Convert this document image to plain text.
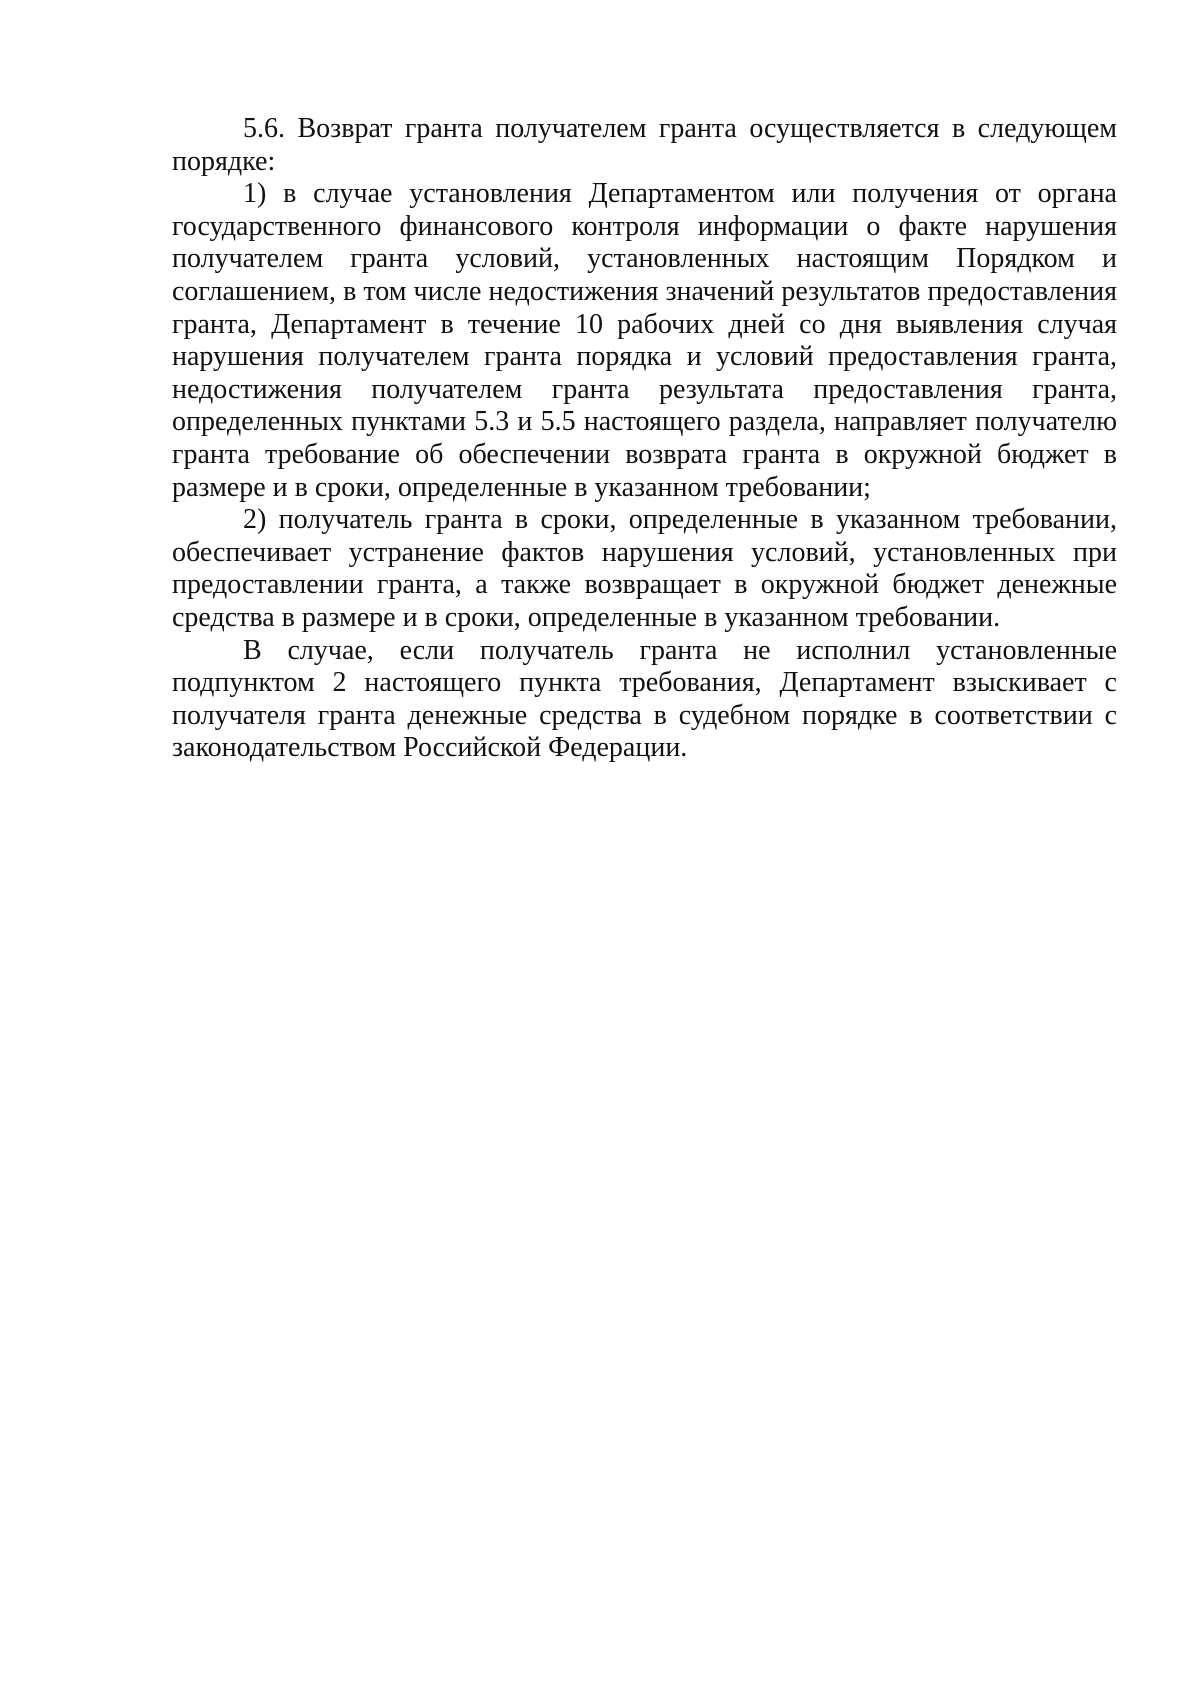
5.6. Возврат гранта получателем гранта осуществляется в следующем порядке:

1) в случае установления Департаментом или получения от органа государственного финансового контроля информации о факте нарушения получателем гранта условий, установленных настоящим Порядком и соглашением, в том числе недостижения значений результатов предоставления гранта, Департамент в течение 10 рабочих дней со дня выявления случая нарушения получателем гранта порядка и условий предоставления гранта, недостижения получателем гранта результата предоставления гранта, определенных пунктами 5.3 и 5.5 настоящего раздела, направляет получателю гранта требование об обеспечении возврата гранта в окружной бюджет в размере и в сроки, определенные в указанном требовании;

2) получатель гранта в сроки, определенные в указанном требовании, обеспечивает устранение фактов нарушения условий, установленных при предоставлении гранта, а также возвращает в окружной бюджет денежные средства в размере и в сроки, определенные в указанном требовании.

В случае, если получатель гранта не исполнил установленные подпунктом 2 настоящего пункта требования, Департамент взыскивает с получателя гранта денежные средства в судебном порядке в соответствии с законодательством Российской Федерации.
